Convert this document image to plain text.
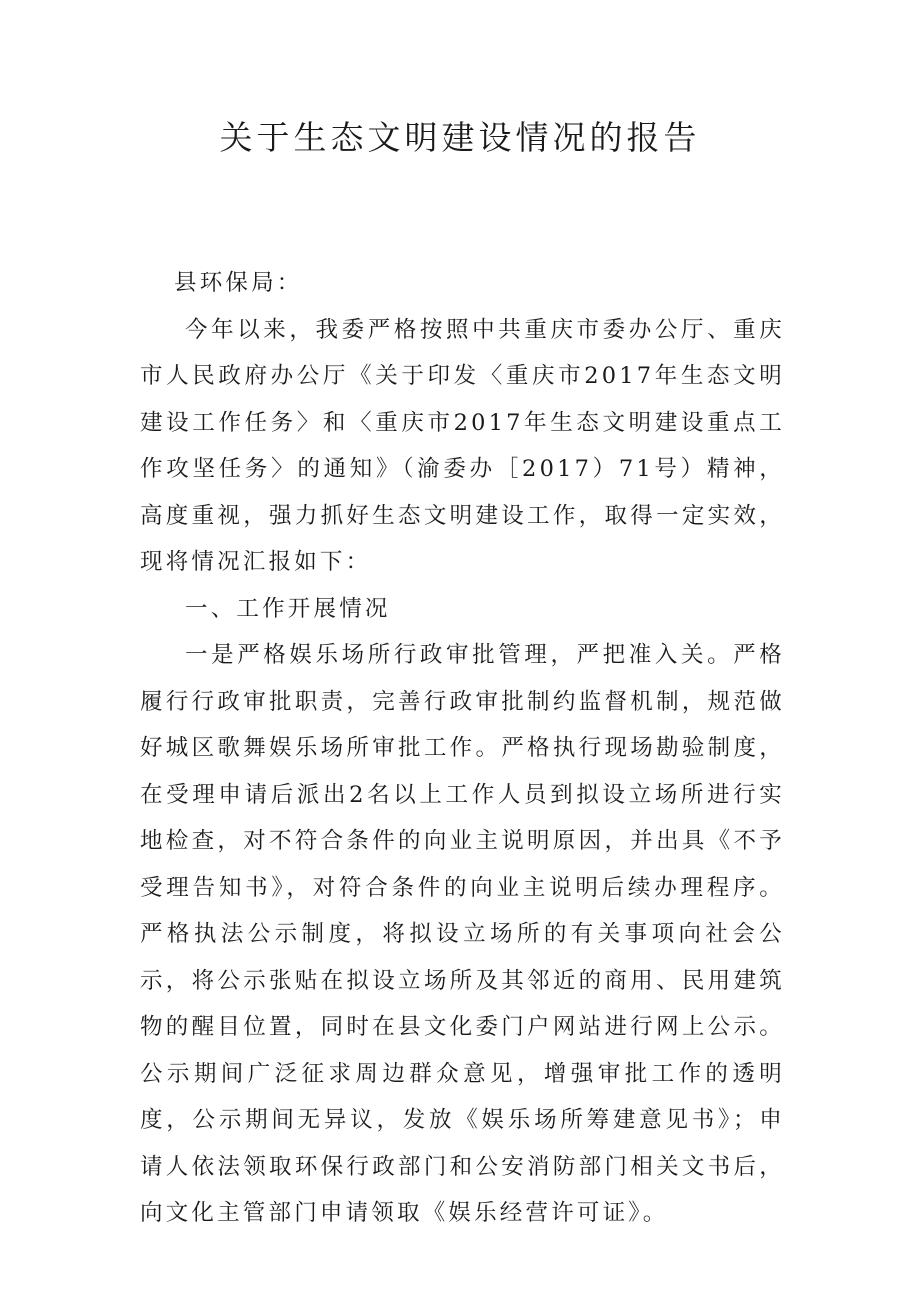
关于生态文明建设情况的报告

县环保局：

今年以来，我委严格按照中共重庆市委办公厅、重庆市人民政府办公厅《关于印发〈重庆市2017年生态文明建设工作任务〉和〈重庆市2017年生态文明建设重点工作攻坚任务〉的通知》（渝委办［2017）71号）精神，高度重视，强力抓好生态文明建设工作，取得一定实效，现将情况汇报如下：

一、工作开展情况

一是严格娱乐场所行政审批管理，严把准入关。严格履行行政审批职责，完善行政审批制约监督机制，规范做好城区歌舞娱乐场所审批工作。严格执行现场勘验制度，在受理申请后派出2名以上工作人员到拟设立场所进行实地检查，对不符合条件的向业主说明原因，并出具《不予受理告知书》，对符合条件的向业主说明后续办理程序。严格执法公示制度，将拟设立场所的有关事项向社会公示，将公示张贴在拟设立场所及其邻近的商用、民用建筑物的醒目位置，同时在县文化委门户网站进行网上公示。公示期间广泛征求周边群众意见，增强审批工作的透明度，公示期间无异议，发放《娱乐场所筹建意见书》；申请人依法领取环保行政部门和公安消防部门相关文书后，向文化主管部门申请领取《娱乐经营许可证》。
